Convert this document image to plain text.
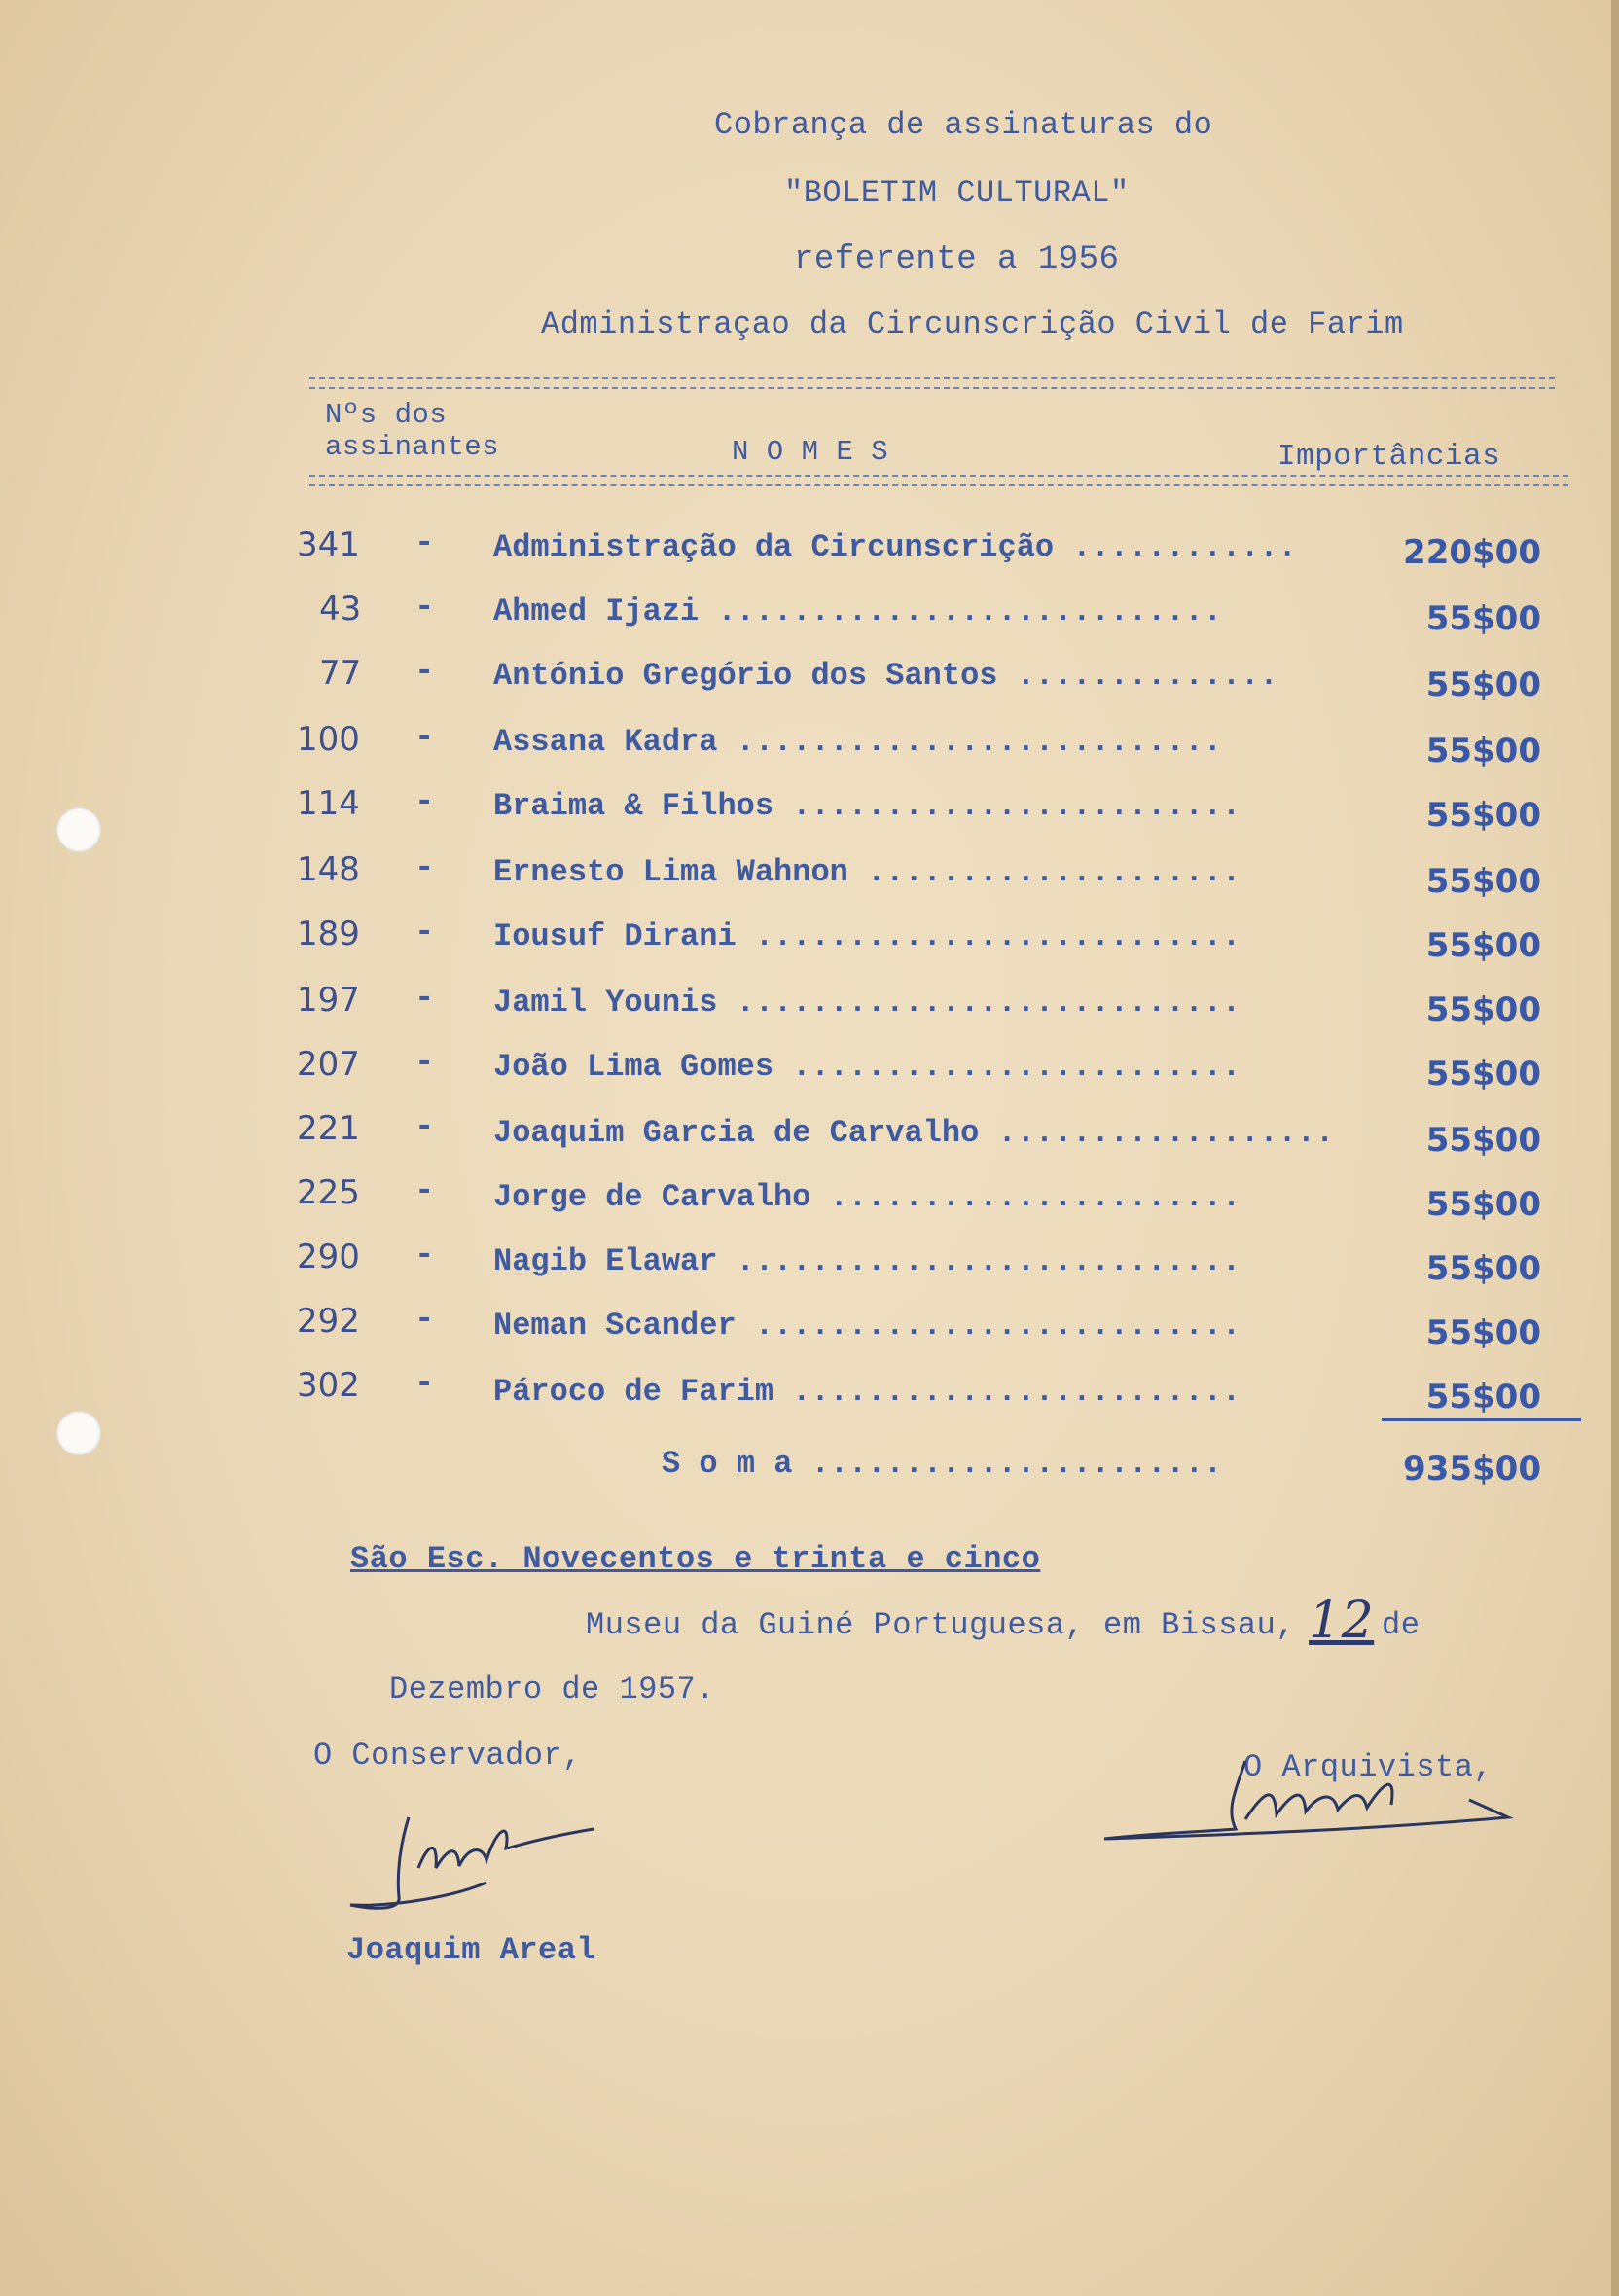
Cobrança de assinaturas do
"BOLETIM CULTURAL"
referente a 1956
Administraçao da Circunscrição Civil de Farim
Nºs dos
assinantes	N O M E S	Importâncias
341	- Administração da Circunscrição ............	220$00
43	- Ahmed Ijazi ...........................	55$00
77	- António Gregório dos Santos ..............	55$00
100	- Assana Kadra ..........................	55$00
114	- Braima & Filhos ........................	55$00
148	- Ernesto Lima Wahnon ....................	55$00
189	- Iousuf Dirani ..........................	55$00
197	- Jamil Younis ...........................	55$00
207	- João Lima Gomes ........................	55$00
221	- Joaquim Garcia de Carvalho ..................	55$00
225	- Jorge de Carvalho ......................	55$00
290	- Nagib Elawar ...........................	55$00
292	- Neman Scander ..........................	55$00
302	- Pároco de Farim ........................	55$00
S o m a ......................	935$00
São Esc. Novecentos e trinta e cinco
Museu da Guiné Portuguesa, em Bissau, 12 de
Dezembro de 1957.
O Conservador,	O Arquivista,
Joaquim Areal
